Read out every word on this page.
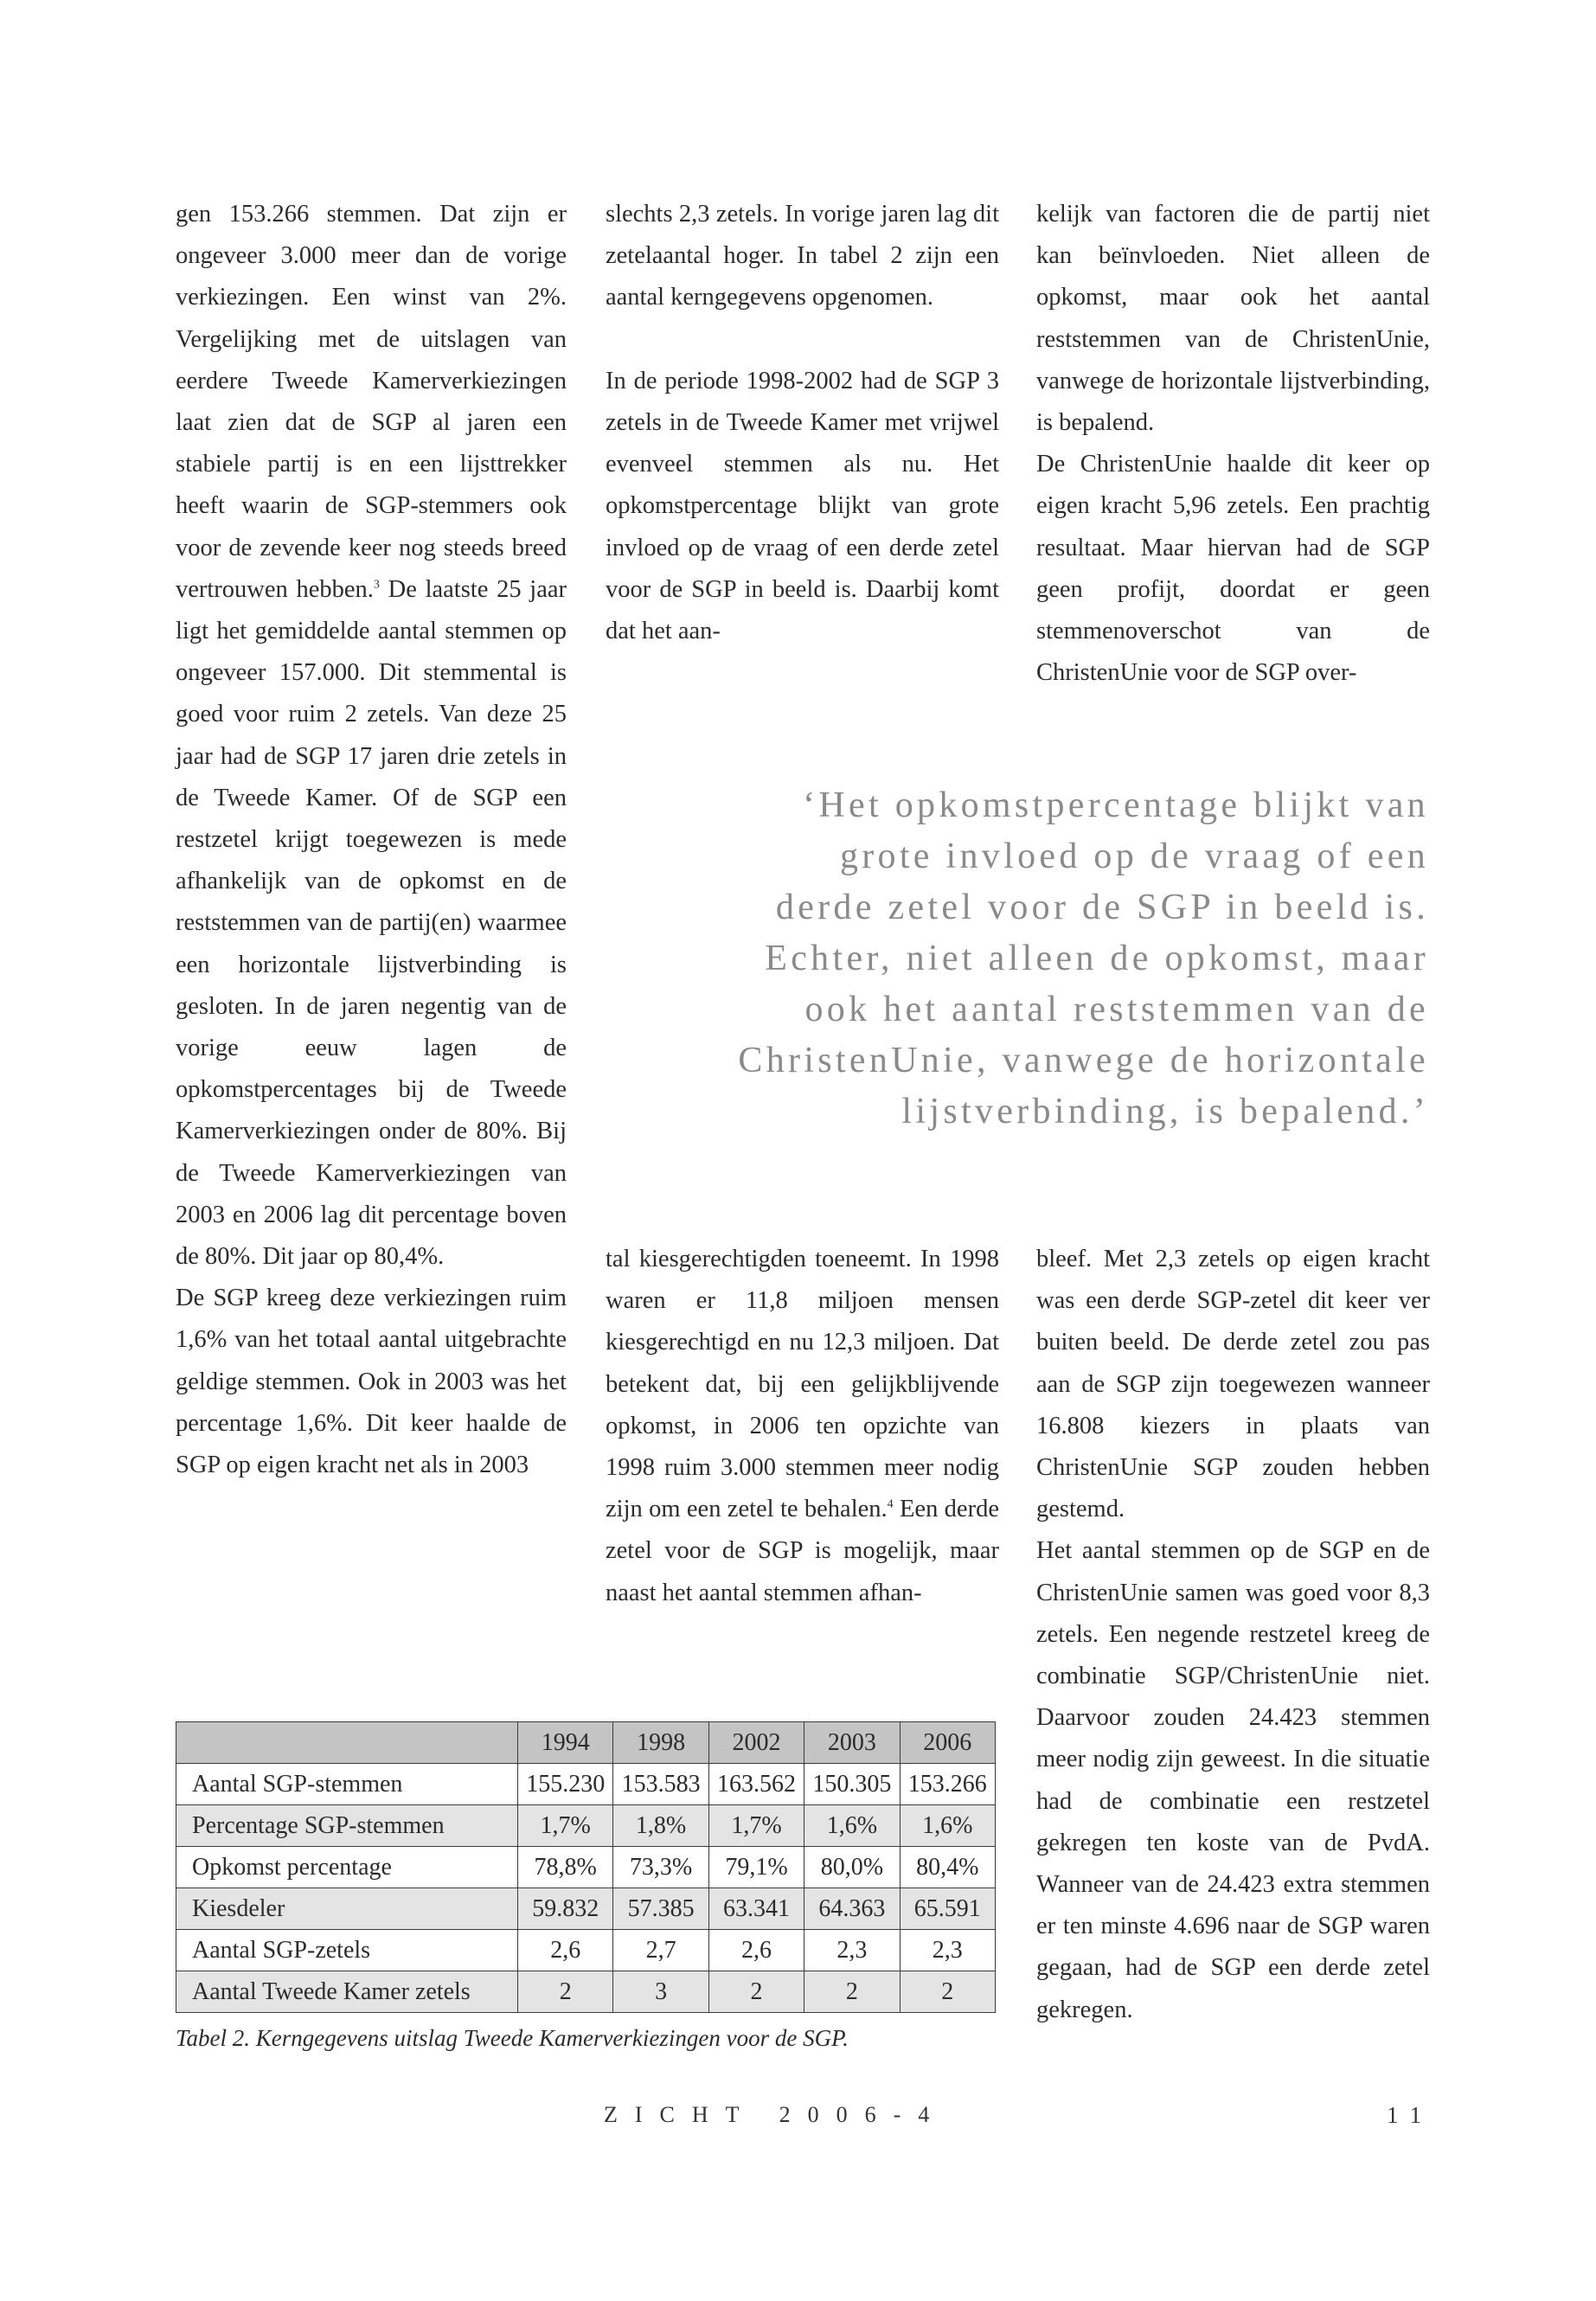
gen 153.266 stemmen. Dat zijn er ongeveer 3.000 meer dan de vorige verkiezingen. Een winst van 2%. Vergelijking met de uitslagen van eerdere Tweede Kamerverkiezingen laat zien dat de SGP al jaren een stabiele partij is en een lijsttrekker heeft waarin de SGP-stemmers ook voor de zevende keer nog steeds breed vertrouwen hebben.$^3$ De laatste 25 jaar ligt het gemiddelde aantal stemmen op ongeveer 157.000. Dit stemmental is goed voor ruim 2 zetels. Van deze 25 jaar had de SGP 17 jaren drie zetels in de Tweede Kamer. Of de SGP een restzetel krijgt toegewezen is mede afhankelijk van de opkomst en de reststemmen van de partij(en) waarmee een horizontale lijstverbinding is gesloten. In de jaren negentig van de vorige eeuw lagen de opkomstpercentages bij de Tweede Kamerverkiezingen onder de 80%. Bij de Tweede Kamerverkiezingen van 2003 en 2006 lag dit percentage boven de 80%. Dit jaar op 80,4%.

De SGP kreeg deze verkiezingen ruim 1,6% van het totaal aantal uitgebrachte geldige stemmen. Ook in 2003 was het percentage 1,6%. Dit keer haalde de SGP op eigen kracht net als in 2003

slechts 2,3 zetels. In vorige jaren lag dit zetelaantal hoger. In tabel 2 zijn een aantal kerngegevens opgenomen.

In de periode 1998-2002 had de SGP 3 zetels in de Tweede Kamer met vrijwel evenveel stemmen als nu. Het opkomstpercentage blijkt van grote invloed op de vraag of een derde zetel voor de SGP in beeld is. Daarbij komt dat het aan-

kelijk van factoren die de partij niet kan beïnvloeden. Niet alleen de opkomst, maar ook het aantal reststemmen van de ChristenUnie, vanwege de horizontale lijstverbinding, is bepalend.

De ChristenUnie haalde dit keer op eigen kracht 5,96 zetels. Een prachtig resultaat. Maar hiervan had de SGP geen profijt, doordat er geen stemmenoverschot van de ChristenUnie voor de SGP over-

‘Het opkomstpercentage blijkt van
grote invloed op de vraag of een
derde zetel voor de SGP in beeld is.
Echter, niet alleen de opkomst, maar
ook het aantal reststemmen van de
ChristenUnie, vanwege de horizontale
lijstverbinding, is bepalend.’

tal kiesgerechtigden toeneemt. In 1998 waren er 11,8 miljoen mensen kiesgerechtigd en nu 12,3 miljoen. Dat betekent dat, bij een gelijkblijvende opkomst, in 2006 ten opzichte van 1998 ruim 3.000 stemmen meer nodig zijn om een zetel te behalen.$^4$ Een derde zetel voor de SGP is mogelijk, maar naast het aantal stemmen afhan-

bleef. Met 2,3 zetels op eigen kracht was een derde SGP-zetel dit keer ver buiten beeld. De derde zetel zou pas aan de SGP zijn toegewezen wanneer 16.808 kiezers in plaats van ChristenUnie SGP zouden hebben gestemd.

Het aantal stemmen op de SGP en de ChristenUnie samen was goed voor 8,3 zetels. Een negende restzetel kreeg de combinatie SGP/ChristenUnie niet. Daarvoor zouden 24.423 stemmen meer nodig zijn geweest. In die situatie had de combinatie een restzetel gekregen ten koste van de PvdA. Wanneer van de 24.423 extra stemmen er ten minste 4.696 naar de SGP waren gegaan, had de SGP een derde zetel gekregen.

	1994	1998	2002	2003	2006
Aantal SGP-stemmen	155.230	153.583	163.562	150.305	153.266
Percentage SGP-stemmen	1,7%	1,8%	1,7%	1,6%	1,6%
Opkomst percentage	78,8%	73,3%	79,1%	80,0%	80,4%
Kiesdeler	59.832	57.385	63.341	64.363	65.591
Aantal SGP-zetels	2,6	2,7	2,6	2,3	2,3
Aantal Tweede Kamer zetels	2	3	2	2	2
Tabel 2. Kerngegevens uitslag Tweede Kamerverkiezingen voor de SGP.
ZICHT 2006-4	11
